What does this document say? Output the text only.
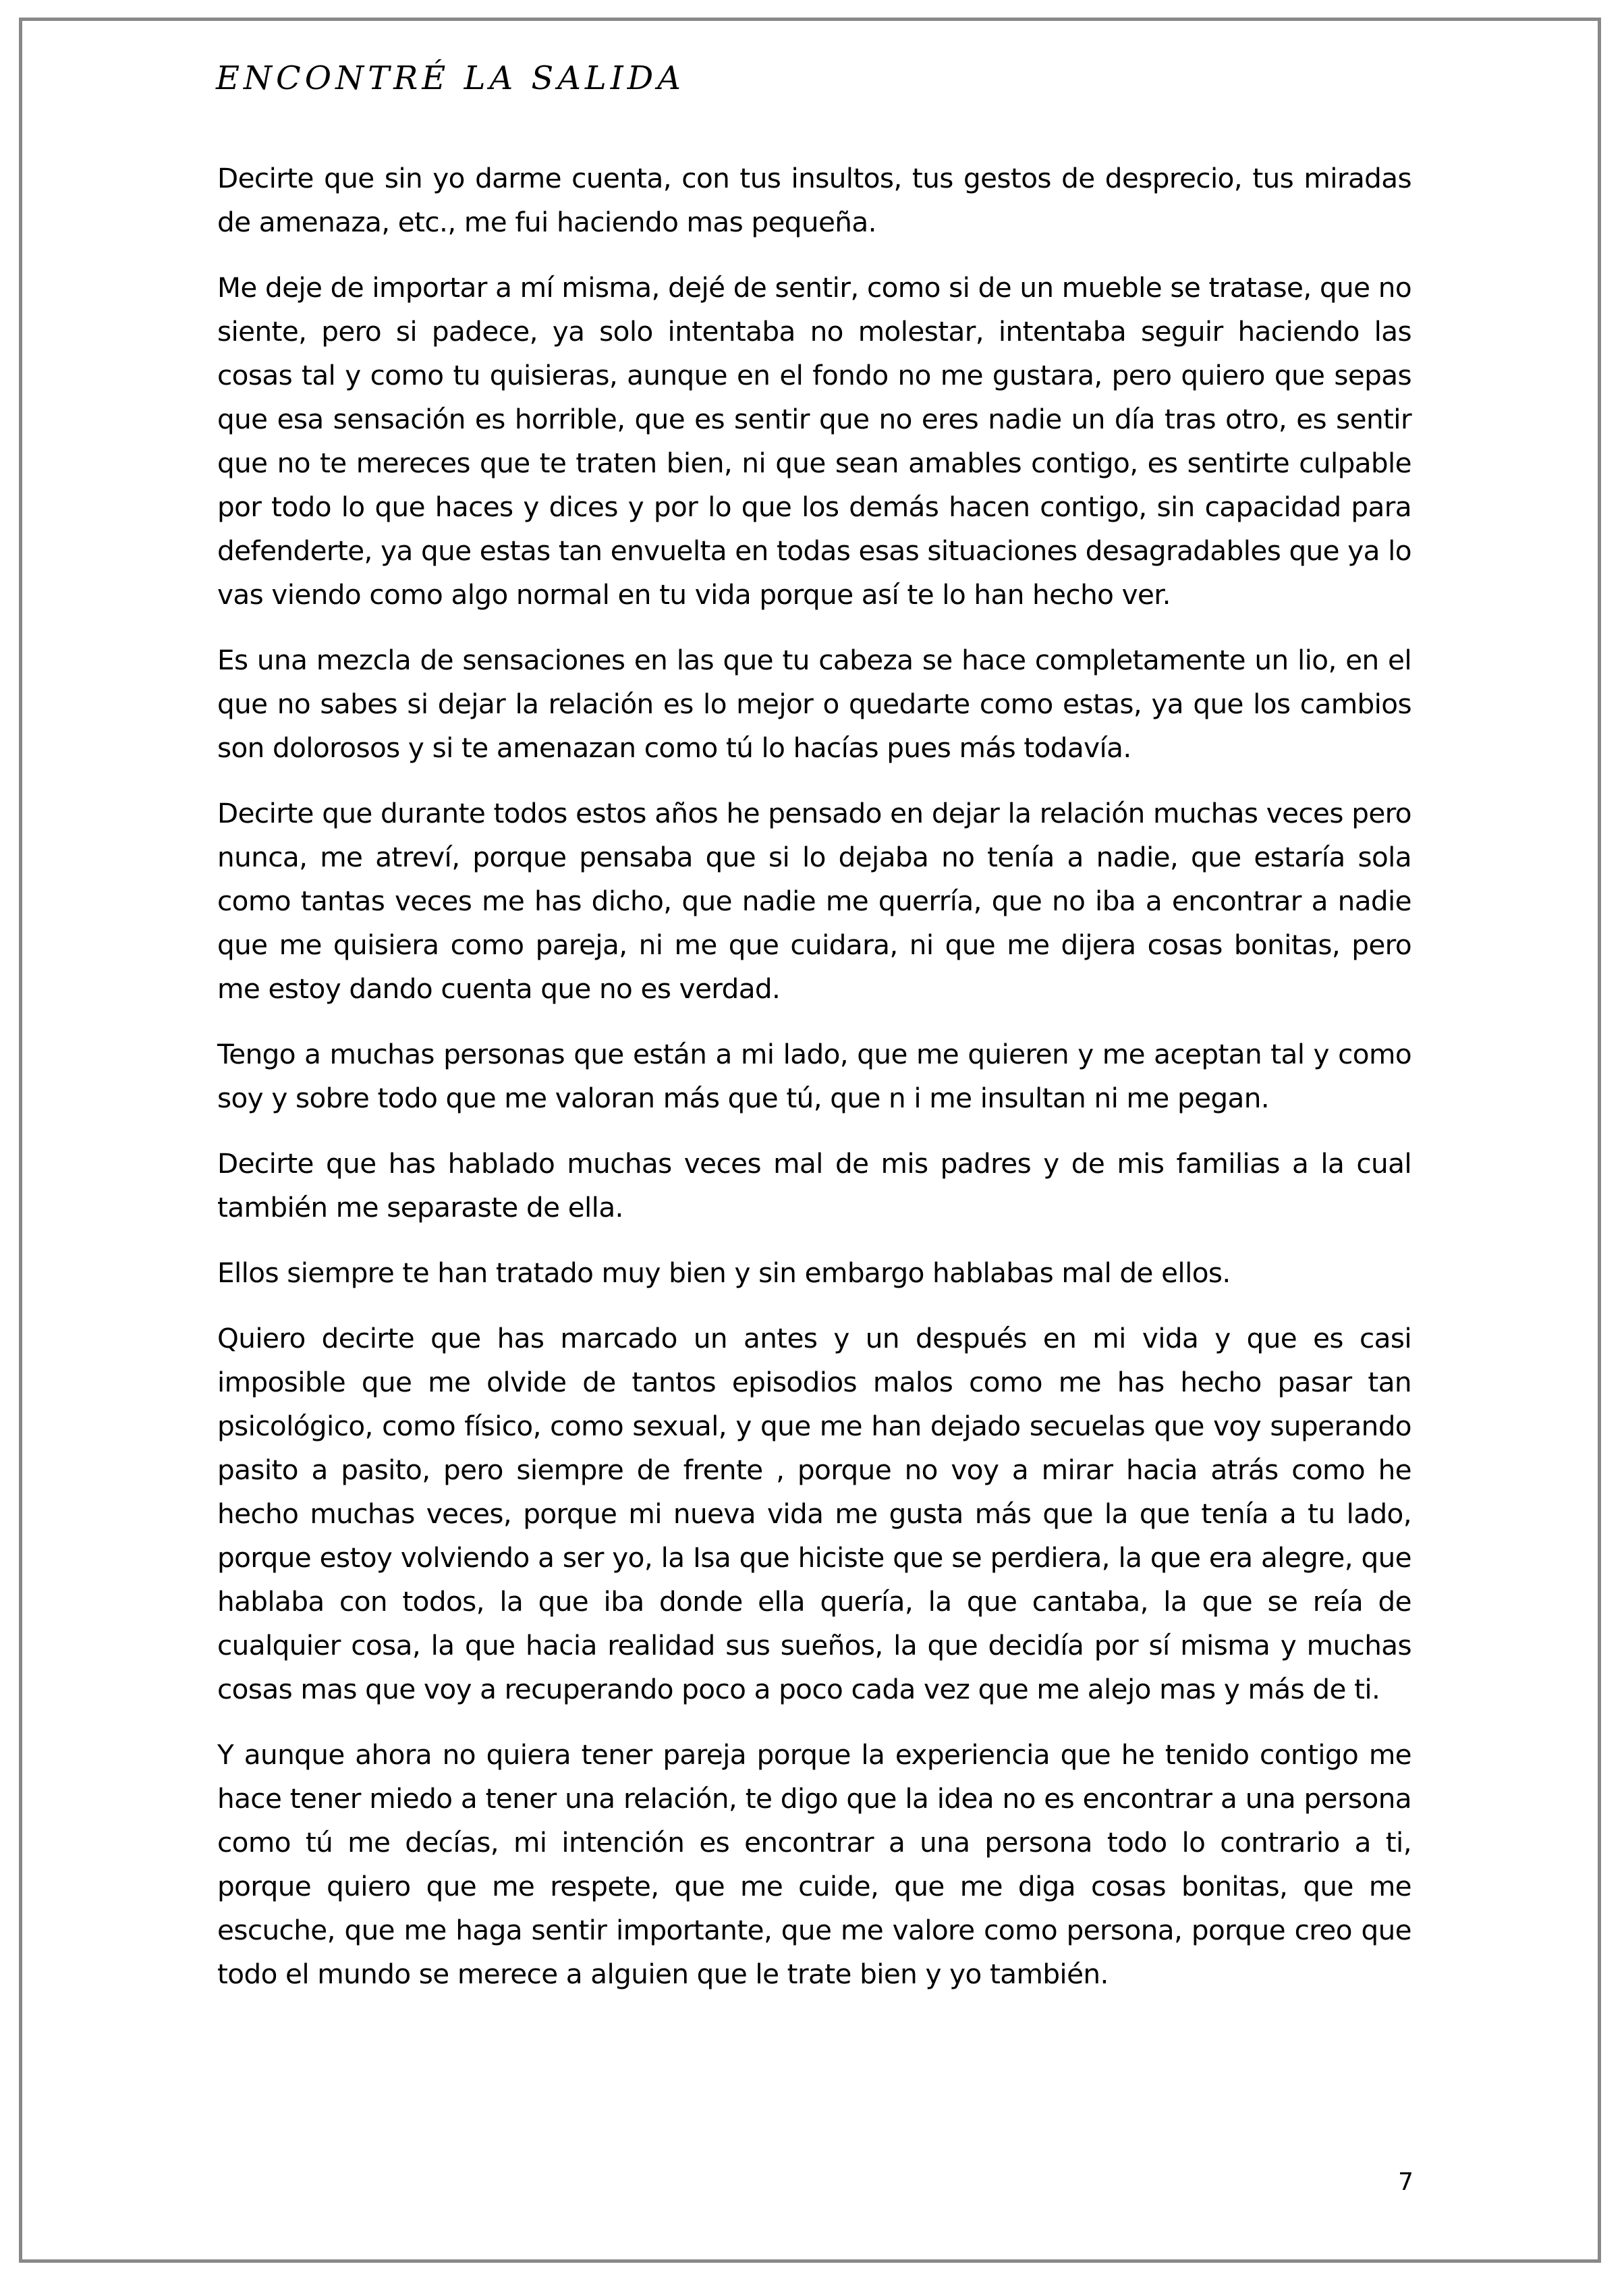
ENCONTRÉ LA SALIDA

Decirte que sin yo darme cuenta, con tus insultos, tus gestos de desprecio, tus miradas de amenaza, etc., me fui haciendo mas pequeña.

Me deje de importar a mí misma, dejé de sentir, como si de un mueble se tratase, que no siente, pero si padece, ya solo intentaba no molestar, intentaba seguir haciendo las cosas tal y como tu quisieras, aunque en el fondo no me gustara, pero quiero que sepas que esa sensación es horrible, que es sentir que no eres nadie un día tras otro, es sentir que no te mereces que te traten bien, ni que sean amables contigo, es sentirte culpable por todo lo que haces y dices y por lo que los demás hacen contigo, sin capacidad para defenderte, ya que estas tan envuelta en todas esas situaciones desagradables que ya lo vas viendo como algo normal en tu vida porque así te lo han hecho ver.

Es una mezcla de sensaciones en las que tu cabeza se hace completamente un lio, en el que no sabes si dejar la relación es lo mejor o quedarte como estas, ya que los cambios son dolorosos y si te amenazan como tú lo hacías pues más todavía.

Decirte que durante todos estos años he pensado en dejar la relación muchas veces pero nunca, me atreví, porque pensaba que si lo dejaba no tenía a nadie, que estaría sola como tantas veces me has dicho, que nadie me querría, que no iba a encontrar a nadie que me quisiera como pareja, ni me que cuidara, ni que me dijera cosas bonitas, pero me estoy dando cuenta que no es verdad.

Tengo a muchas personas que están a mi lado, que me quieren y me aceptan tal y como soy y sobre todo que me valoran más que tú, que n i me insultan ni me pegan.

Decirte que has hablado muchas veces mal de mis padres y de mis familias a la cual también me separaste de ella.

Ellos siempre te han tratado muy bien y sin embargo hablabas mal de ellos.

Quiero decirte que has marcado un antes y un después en mi vida y que es casi imposible que me olvide de tantos episodios malos como me has hecho pasar tan psicológico, como físico, como sexual, y que me han dejado secuelas que voy superando pasito a pasito, pero siempre de frente , porque no voy a mirar hacia atrás como he hecho muchas veces, porque mi nueva vida me gusta más que la que tenía a tu lado, porque estoy volviendo a ser yo, la Isa que hiciste que se perdiera, la que era alegre, que hablaba con todos, la que iba donde ella quería, la que cantaba, la que se reía de cualquier cosa, la que hacia realidad sus sueños, la que decidía por sí misma y muchas cosas mas que voy a recuperando poco a poco cada vez que me alejo mas y más de ti.

Y aunque ahora no quiera tener pareja porque la experiencia que he tenido contigo me hace tener miedo a tener una relación, te digo que la idea no es encontrar a una persona como tú me decías, mi intención es encontrar a una persona todo lo contrario a ti, porque quiero que me respete, que me cuide, que me diga cosas bonitas, que me escuche, que me haga sentir importante, que me valore como persona, porque creo que todo el mundo se merece a alguien que le trate bien y yo también.

7
